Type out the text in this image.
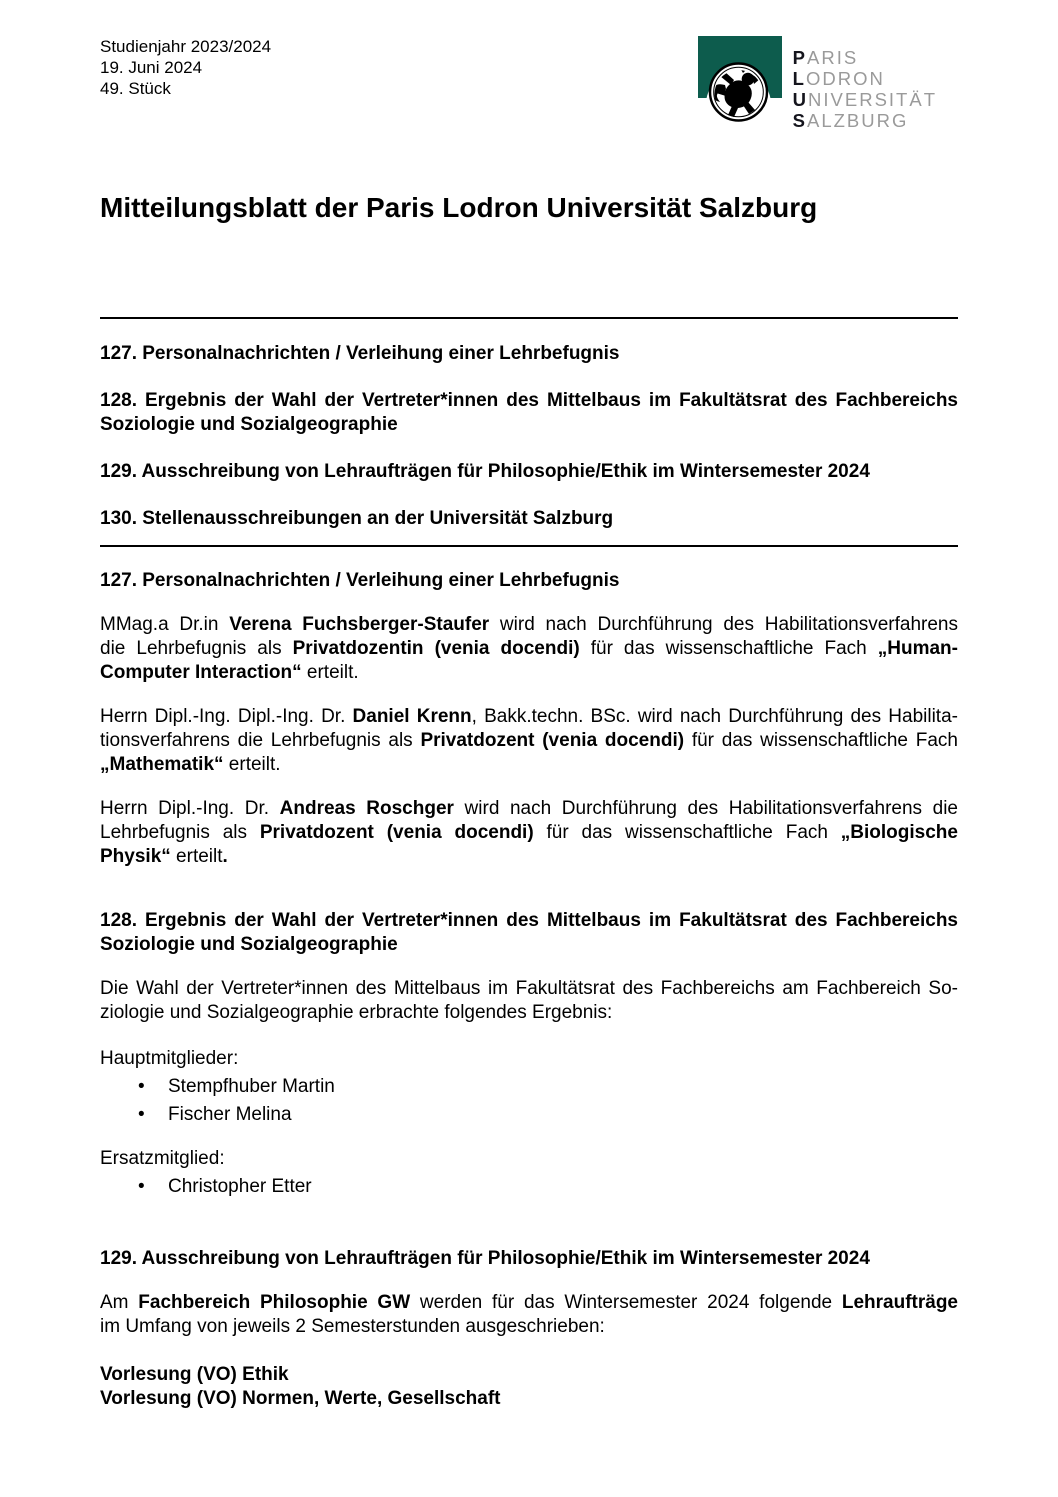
Studienjahr 2023/2024
19. Juni 2024
49. Stück
PARIS
LODRON
UNIVERSITÄT
SALZBURG
Mitteilungsblatt der Paris Lodron Universität Salzburg
127. Personalnachrichten / Verleihung einer Lehrbefugnis
128. Ergebnis der Wahl der Vertreter*innen des Mittelbaus im Fakultätsrat des Fachbereichs
Soziologie und Sozialgeographie
129. Ausschreibung von Lehraufträgen für Philosophie/Ethik im Wintersemester 2024
130. Stellenausschreibungen an der Universität Salzburg
127. Personalnachrichten / Verleihung einer Lehrbefugnis
MMag.a Dr.in Verena Fuchsberger-Staufer wird nach Durchführung des Habilitationsverfahrens
die Lehrbefugnis als Privatdozentin (venia docendi) für das wissenschaftliche Fach „Human-
Computer Interaction“ erteilt.
Herrn Dipl.-Ing. Dipl.-Ing. Dr. Daniel Krenn, Bakk.techn. BSc. wird nach Durchführung des Habilita-
tionsverfahrens die Lehrbefugnis als Privatdozent (venia docendi) für das wissenschaftliche Fach
„Mathematik“ erteilt.
Herrn Dipl.-Ing. Dr. Andreas Roschger wird nach Durchführung des Habilitationsverfahrens die
Lehrbefugnis als Privatdozent (venia docendi) für das wissenschaftliche Fach „Biologische
Physik“ erteilt.
128. Ergebnis der Wahl der Vertreter*innen des Mittelbaus im Fakultätsrat des Fachbereichs
Soziologie und Sozialgeographie
Die Wahl der Vertreter*innen des Mittelbaus im Fakultätsrat des Fachbereichs am Fachbereich So-
ziologie und Sozialgeographie erbrachte folgendes Ergebnis:
Hauptmitglieder:
• Stempfhuber Martin
• Fischer Melina
Ersatzmitglied:
• Christopher Etter
129. Ausschreibung von Lehraufträgen für Philosophie/Ethik im Wintersemester 2024
Am Fachbereich Philosophie GW werden für das Wintersemester 2024 folgende Lehraufträge
im Umfang von jeweils 2 Semesterstunden ausgeschrieben:
Vorlesung (VO) Ethik
Vorlesung (VO) Normen, Werte, Gesellschaft
